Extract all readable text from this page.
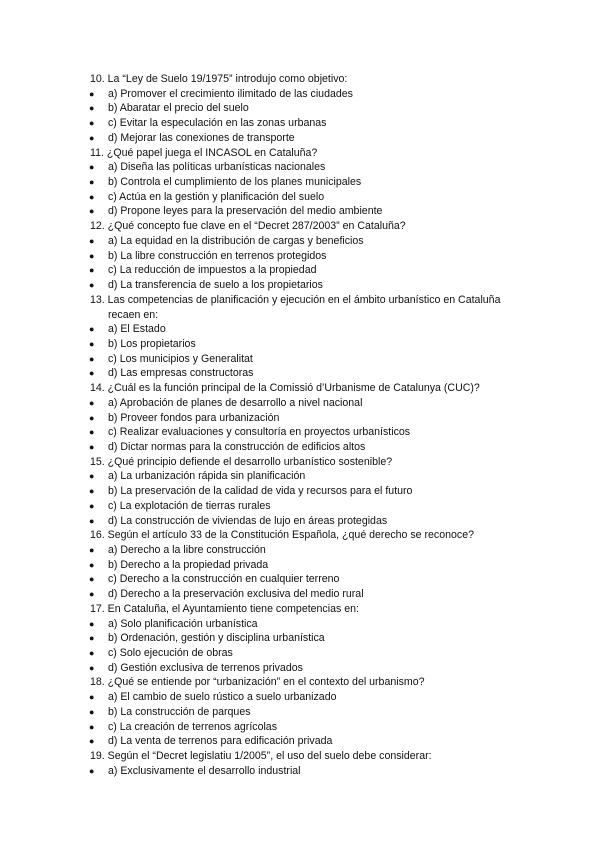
10. La “Ley de Suelo 19/1975” introdujo como objetivo:
● a) Promover el crecimiento ilimitado de las ciudades
● b) Abaratar el precio del suelo
● c) Evitar la especulación en las zonas urbanas
● d) Mejorar las conexiones de transporte
11. ¿Qué papel juega el INCASOL en Cataluña?
● a) Diseña las políticas urbanísticas nacionales
● b) Controla el cumplimiento de los planes municipales
● c) Actúa en la gestión y planificación del suelo
● d) Propone leyes para la preservación del medio ambiente
12. ¿Qué concepto fue clave en el “Decret 287/2003” en Cataluña?
● a) La equidad en la distribución de cargas y beneficios
● b) La libre construcción en terrenos protegidos
● c) La reducción de impuestos a la propiedad
● d) La transferencia de suelo a los propietarios
13. Las competencias de planificación y ejecución en el ámbito urbanístico en Cataluña
recaen en:
● a) El Estado
● b) Los propietarios
● c) Los municipios y Generalitat
● d) Las empresas constructoras
14. ¿Cuál es la función principal de la Comissió d’Urbanisme de Catalunya (CUC)?
● a) Aprobación de planes de desarrollo a nivel nacional
● b) Proveer fondos para urbanización
● c) Realizar evaluaciones y consultoría en proyectos urbanísticos
● d) Dictar normas para la construcción de edificios altos
15. ¿Qué principio defiende el desarrollo urbanístico sostenible?
● a) La urbanización rápida sin planificación
● b) La preservación de la calidad de vida y recursos para el futuro
● c) La explotación de tierras rurales
● d) La construcción de viviendas de lujo en áreas protegidas
16. Según el artículo 33 de la Constitución Española, ¿qué derecho se reconoce?
● a) Derecho a la libre construcción
● b) Derecho a la propiedad privada
● c) Derecho a la construcción en cualquier terreno
● d) Derecho a la preservación exclusiva del medio rural
17. En Cataluña, el Ayuntamiento tiene competencias en:
● a) Solo planificación urbanística
● b) Ordenación, gestión y disciplina urbanística
● c) Solo ejecución de obras
● d) Gestión exclusiva de terrenos privados
18. ¿Qué se entiende por “urbanización” en el contexto del urbanismo?
● a) El cambio de suelo rústico a suelo urbanizado
● b) La construcción de parques
● c) La creación de terrenos agrícolas
● d) La venta de terrenos para edificación privada
19. Según el “Decret legislatiu 1/2005”, el uso del suelo debe considerar:
● a) Exclusivamente el desarrollo industrial
